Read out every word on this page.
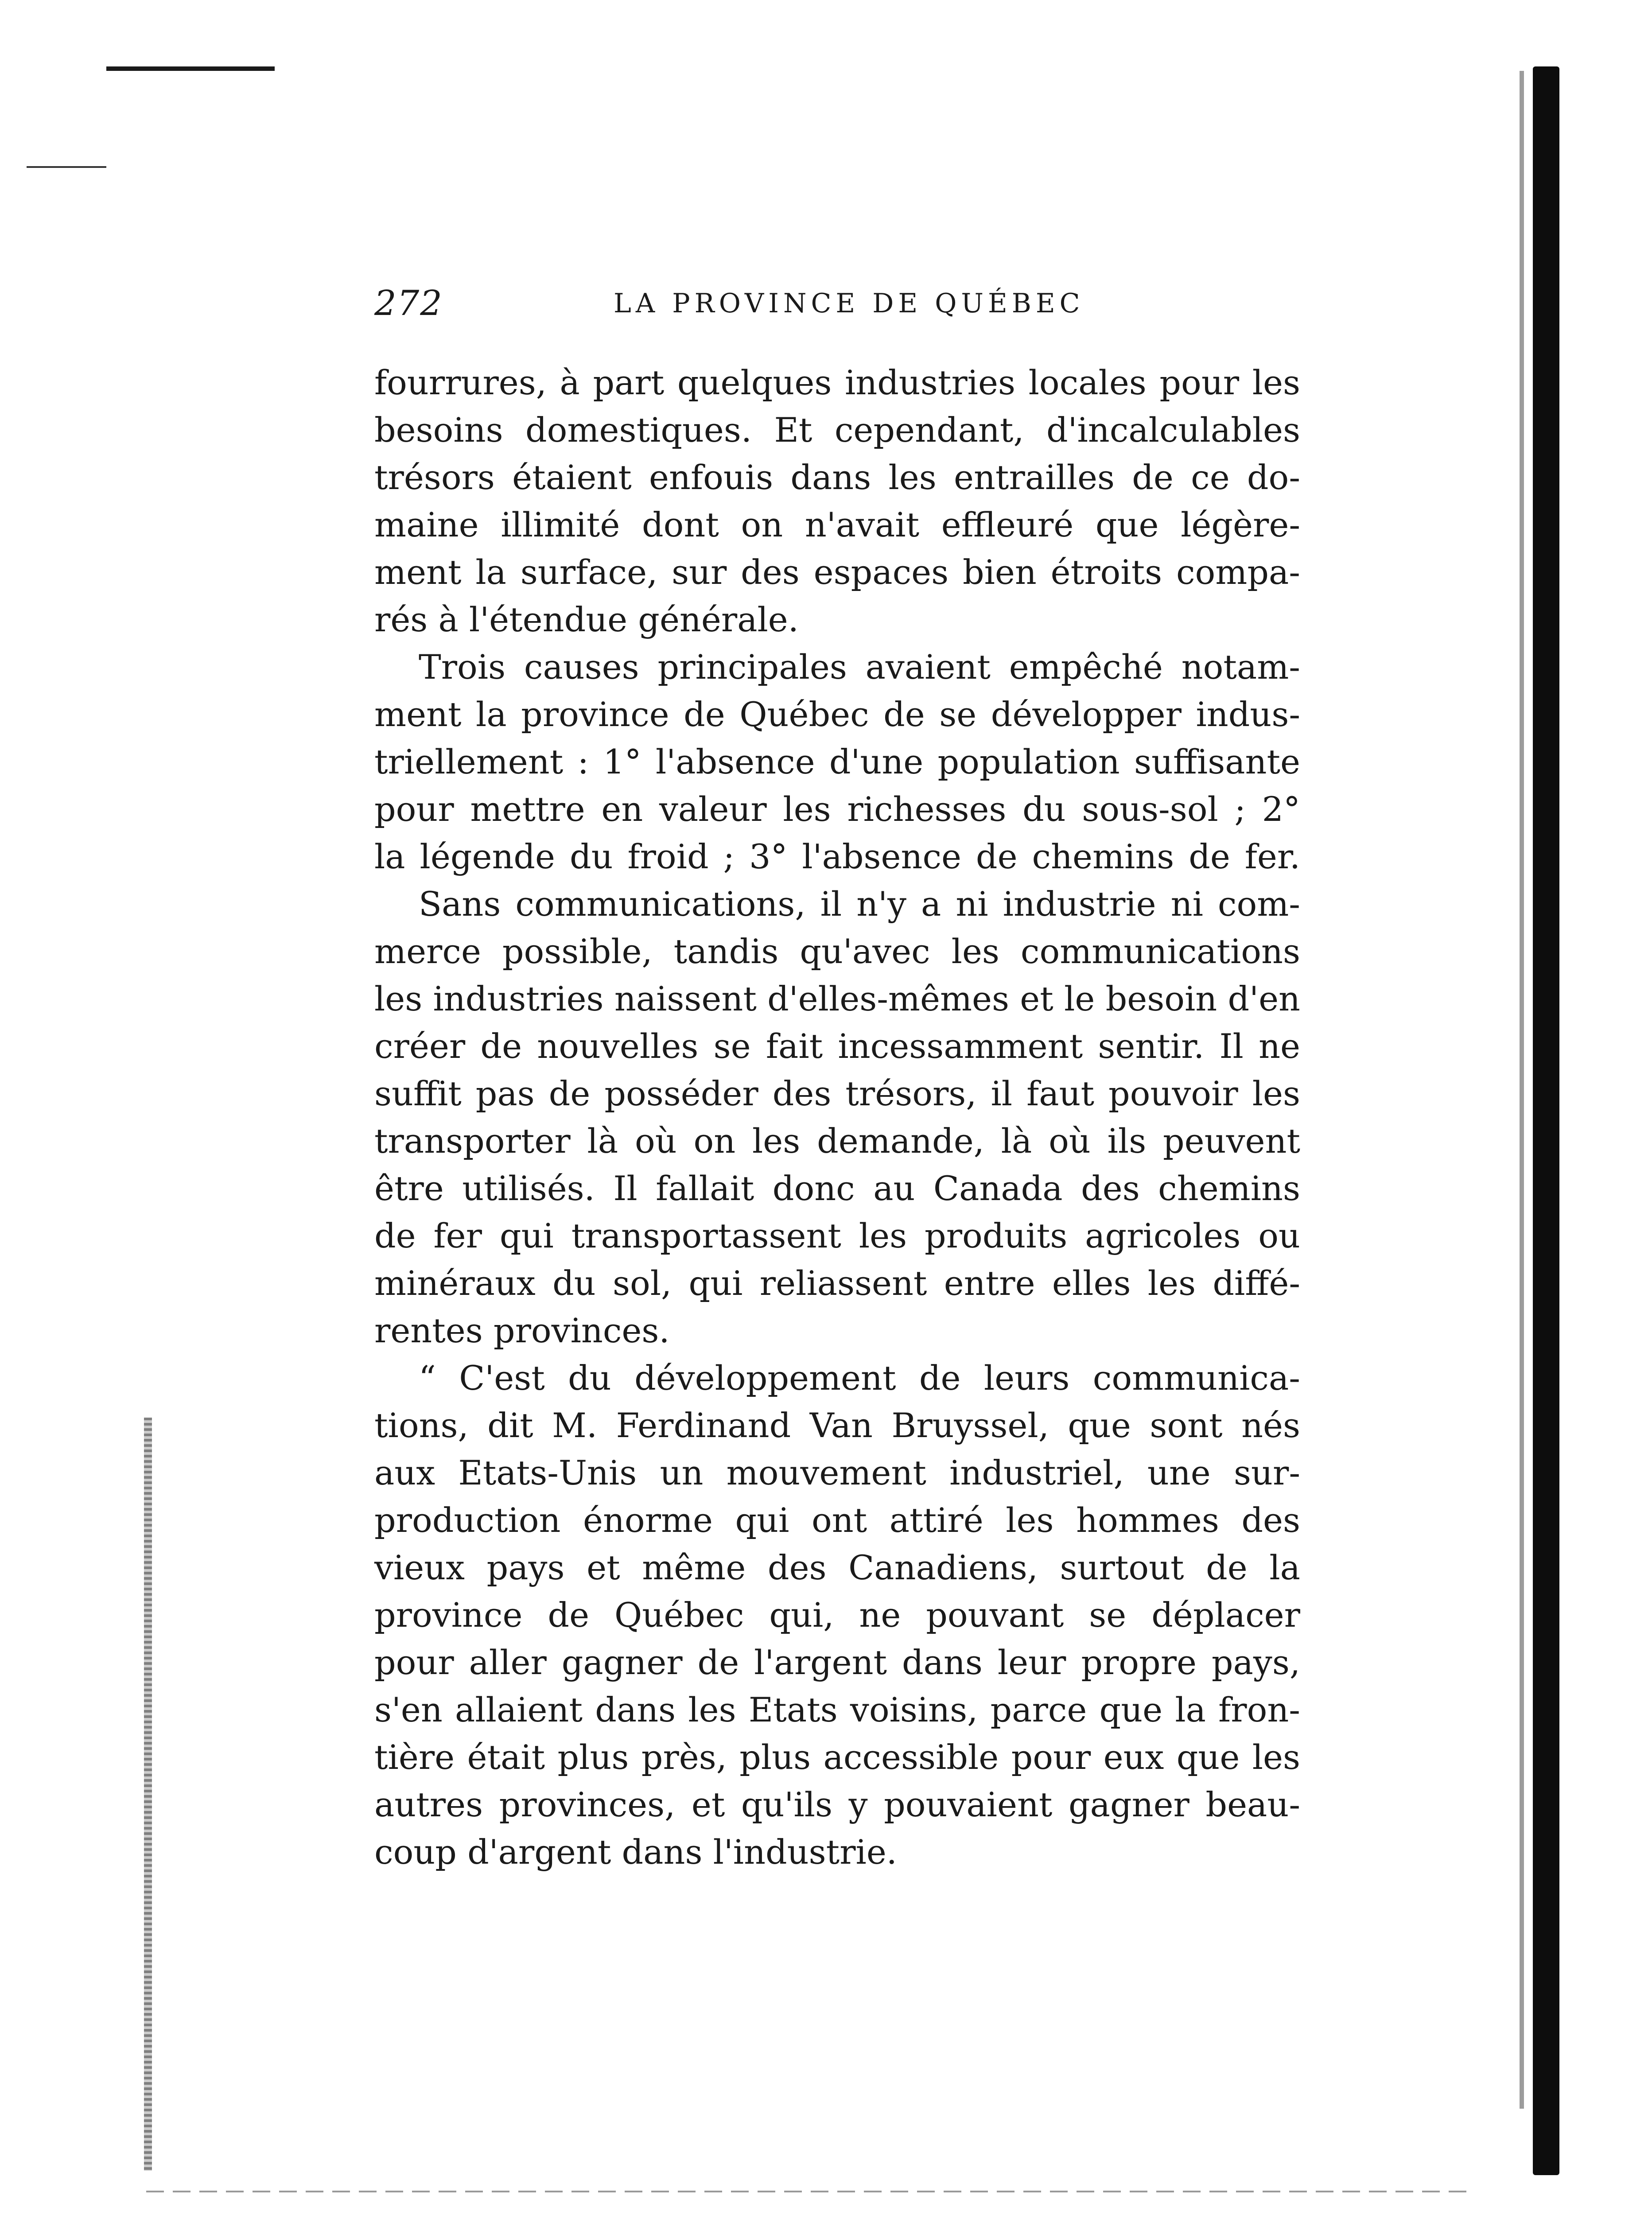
272	LA PROVINCE DE QUÉBEC
fourrures, à part quelques industries locales pour les
besoins domestiques. Et cependant, d'incalculables
trésors étaient enfouis dans les entrailles de ce do-
maine illimité dont on n'avait effleuré que légère-
ment la surface, sur des espaces bien étroits compa-
rés à l'étendue générale.
Trois causes principales avaient empêché notam-
ment la province de Québec de se développer indus-
triellement : 1° l'absence d'une population suffisante
pour mettre en valeur les richesses du sous-sol ; 2°
la légende du froid ; 3° l'absence de chemins de fer.
Sans communications, il n'y a ni industrie ni com-
merce possible, tandis qu'avec les communications
les industries naissent d'elles-mêmes et le besoin d'en
créer de nouvelles se fait incessamment sentir. Il ne
suffit pas de posséder des trésors, il faut pouvoir les
transporter là où on les demande, là où ils peuvent
être utilisés. Il fallait donc au Canada des chemins
de fer qui transportassent les produits agricoles ou
minéraux du sol, qui reliassent entre elles les diffé-
rentes provinces.
“ C'est du développement de leurs communica-
tions, dit M. Ferdinand Van Bruyssel, que sont nés
aux Etats-Unis un mouvement industriel, une sur-
production énorme qui ont attiré les hommes des
vieux pays et même des Canadiens, surtout de la
province de Québec qui, ne pouvant se déplacer
pour aller gagner de l'argent dans leur propre pays,
s'en allaient dans les Etats voisins, parce que la fron-
tière était plus près, plus accessible pour eux que les
autres provinces, et qu'ils y pouvaient gagner beau-
coup d'argent dans l'industrie.
